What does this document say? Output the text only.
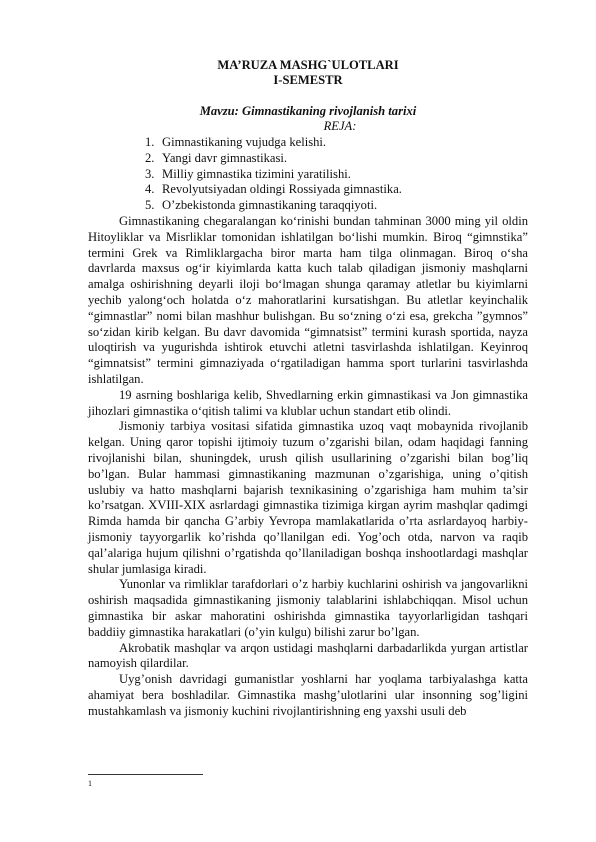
MA’RUZA MASHG`ULOTLARI
I-SEMESTR
Mavzu: Gimnastikaning rivojlanish tarixi
REJA:
1. Gimnastikaning vujudga kelishi.
2. Yangi davr gimnastikasi.
3. Milliy gimnastika tizimini yaratilishi.
4. Revolyutsiyadan oldingi Rossiyada gimnastika.
5. O’zbekistonda gimnastikaning taraqqiyoti.

Gimnastikaning chegaralangan ko‘rinishi bundan tahminan 3000 ming yil oldin Hitoyliklar va Misrliklar tomonidan ishlatilgan bo‘lishi mumkin. Biroq “gimnstika” termini Grek va Rimliklargacha biror marta ham tilga olinmagan. Biroq o‘sha davrlarda maxsus og‘ir kiyimlarda katta kuch talab qiladigan jismoniy mashqlarni amalga oshirishning deyarli iloji bo‘lmagan shunga qaramay atletlar bu kiyimlarni yechib yalong‘och holatda o‘z mahoratlarini kursatishgan. Bu atletlar keyinchalik “gimnastlar” nomi bilan mashhur bulishgan. Bu so‘zning o‘zi esa, grekcha ”gymnos” so‘zidan kirib kelgan. Bu davr davomida “gimnatsist” termini kurash sportida, nayza uloqtirish va yugurishda ishtirok etuvchi atletni tasvirlashda ishlatilgan. Keyinroq “gimnatsist” termini gimnaziyada o‘rgatiladigan hamma sport turlarini tasvirlashda ishlatilgan.

19 asrning boshlariga kelib, Shvedlarning erkin gimnastikasi va Jon gimnastika jihozlari gimnastika o‘qitish talimi va klublar uchun standart etib olindi.

Jismoniy tarbiya vositasi sifatida gimnastika uzoq vaqt mobaynida rivojlanib kelgan. Uning qaror topishi ijtimoiy tuzum o’zgarishi bilan, odam haqidagi fanning rivojlanishi bilan, shuningdek, urush qilish usullarining o’zgarishi bilan bog’liq bo’lgan. Bular hammasi gimnastikaning mazmunan o’zgarishiga, uning o’qitish uslubiy va hatto mashqlarni bajarish texnikasining o’zgarishiga ham muhim ta’sir ko’rsatgan. XVIII-XIX asrlardagi gimnastika tizimiga kirgan ayrim mashqlar qadimgi Rimda hamda bir qancha G’arbiy Yevropa mamlakatlarida o’rta asrlardayoq harbiy-jismoniy tayyorgarlik ko’rishda qo’llanilgan edi. Yog’och otda, narvon va raqib qal’alariga hujum qilishni o’rgatishda qo’llaniladigan boshqa inshootlardagi mashqlar shular jumlasiga kiradi.

Yunonlar va rimliklar tarafdorlari o’z harbiy kuchlarini oshirish va jangovarlikni oshirish maqsadida gimnastikaning jismoniy talablarini ishlabchiqqan. Misol uchun gimnastika bir askar mahoratini oshirishda gimnastika tayyorlarligidan tashqari baddiiy gimnastika harakatlari (o’yin kulgu) bilishi zarur bo’lgan.

Akrobatik mashqlar va arqon ustidagi mashqlarni darbadarlikda yurgan artistlar namoyish qilardilar.

Uyg’onish davridagi gumanistlar yoshlarni har yoqlama tarbiyalashga katta ahamiyat bera boshladilar. Gimnastika mashg’ulotlarini ular insonning sog’ligini mustahkamlash va jismoniy kuchini rivojlantirishning eng yaxshi usuli deb

1
